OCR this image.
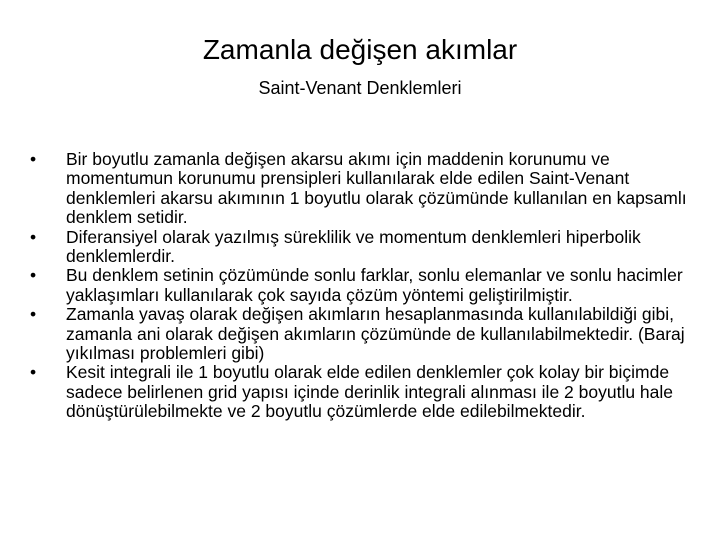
Zamanla değişen akımlar
Saint-Venant Denklemleri
•	Bir boyutlu zamanla değişen akarsu akımı için maddenin korunumu ve momentumun korunumu prensipleri kullanılarak elde edilen Saint-Venant denklemleri akarsu akımının 1 boyutlu olarak çözümünde kullanılan en kapsamlı denklem setidir.
•	Diferansiyel olarak yazılmış süreklilik ve momentum denklemleri hiperbolik denklemlerdir.
•	Bu denklem setinin çözümünde sonlu farklar, sonlu elemanlar ve sonlu hacimler yaklaşımları kullanılarak çok sayıda çözüm yöntemi geliştirilmiştir.
•	Zamanla yavaş olarak değişen akımların hesaplanmasında kullanılabildiği gibi, zamanla ani olarak değişen akımların çözümünde de kullanılabilmektedir. (Baraj yıkılması problemleri gibi)
•	Kesit integrali ile 1 boyutlu olarak elde edilen denklemler çok kolay bir biçimde sadece belirlenen grid yapısı içinde derinlik integrali alınması ile 2 boyutlu hale dönüştürülebilmekte ve 2 boyutlu çözümlerde elde edilebilmektedir.
